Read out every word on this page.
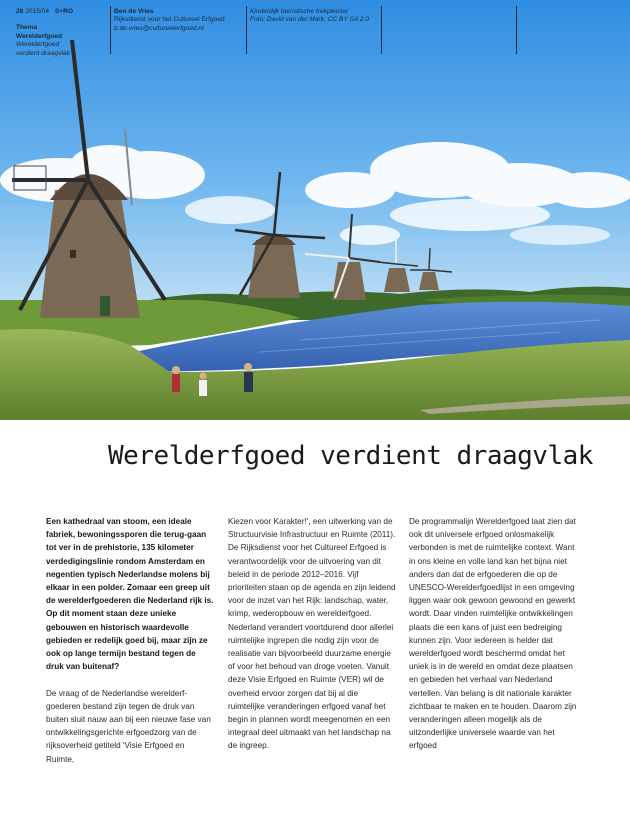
28 2015/04 S+RO
Thema
Werelderfgoed
Werelderfgoed
verdient draagvlak
Ben de Vries
Rijksdienst voor het Cultureel Erfgoed
b.de.vries@cultureelerfgoed.nl
Kinderdijk toeristische trekpleister
Foto: David van der Mark, CC BY SA 2.0
Werelderfgoed verdient draagvlak

Een kathedraal van stoom, een ideale fabriek, bewoningssporen die terug-gaan tot ver in de prehistorie, 135 kilometer verdedigingslinie rondom Amsterdam en negentien typisch Nederlandse molens bij elkaar in een polder. Zomaar een greep uit de werelderfgoederen die Nederland rijk is. Op dit moment staan deze unieke gebouwen en historisch waardevolle gebieden er redelijk goed bij, maar zijn ze ook op lange termijn bestand tegen de druk van buitenaf?

De vraag of de Nederlandse werelderf-goederen bestand zijn tegen de druk van buiten sluit nauw aan bij een nieuwe fase van ontwikkelingsgerichte erfgoedzorg van de rijksoverheid getiteld 'Visie Erfgoed en Ruimte,

Kiezen voor Karakter!', een uitwerking van de Structuurvisie Infrastructuur en Ruimte (2011). De Rijksdienst voor het Cultureel Erfgoed is verantwoordelijk voor de uitvoering van dit beleid in de periode 2012–2016. Vijf prioriteiten staan op de agenda en zijn leidend voor de inzet van het Rijk: landschap, water, krimp, wederopbouw en werelderfgoed. Nederland verandert voortdurend door allerlei ruimtelijke ingrepen die nodig zijn voor de realisatie van bijvoorbeeld duurzame energie of voor het behoud van droge voeten. Vanuit deze Visie Erfgoed en Ruimte (VER) wil de overheid ervoor zorgen dat bij al die ruimtelijke veranderingen erfgoed vanaf het begin in plannen wordt meegenomen en een integraal deel uitmaakt van het landschap na de ingreep.

De programmalijn Werelderfgoed laat zien dat ook dit universele erfgoed onlosmakelijk verbonden is met de ruimtelijke context. Want in ons kleine en volle land kan het bijna niet anders dan dat de erfgoederen die op de UNESCO-Werelderfgoedlijst in een omgeving liggen waar ook gewoon gewoond en gewerkt wordt. Daar vinden ruimtelijke ontwikkelingen plaats die een kans of juist een bedreiging kunnen zijn. Voor iedereen is helder dat werelderfgoed wordt beschermd omdat het uniek is in de wereld en omdat deze plaatsen en gebieden het verhaal van Nederland vertellen. Van belang is dit nationale karakter zichtbaar te maken en te houden. Daarom zijn veranderingen alleen mogelijk als de uitzonderlijke universele waarde van het erfgoed
